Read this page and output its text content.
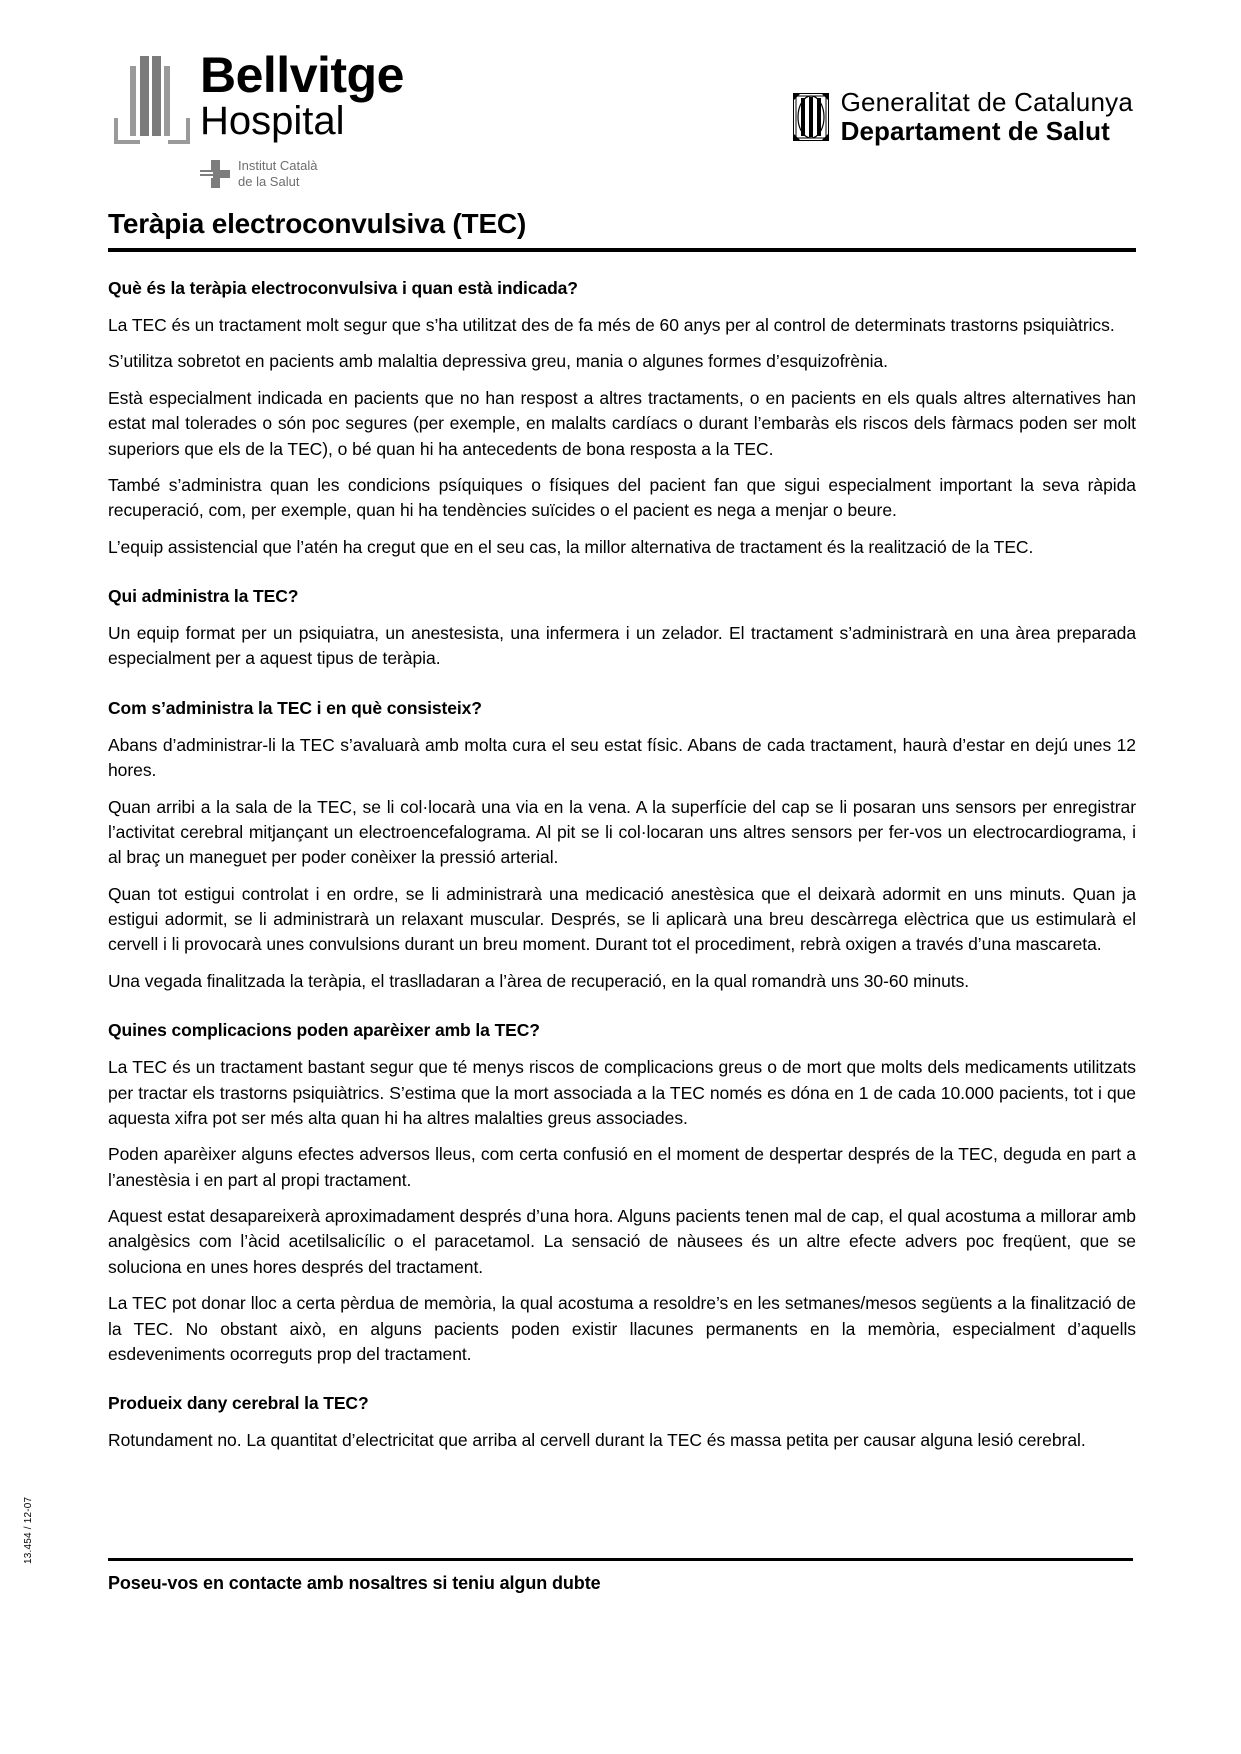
Bellvitge
Hospital
Institut Català
de la Salut
Generalitat de Catalunya
Departament de Salut
Teràpia electroconvulsiva (TEC)
Què és la teràpia electroconvulsiva i quan està indicada?

La TEC és un tractament molt segur que s’ha utilitzat des de fa més de 60 anys per al control de determinats trastorns psiquiàtrics.

S’utilitza sobretot en pacients amb malaltia depressiva greu, mania o algunes formes d’esquizofrènia.

Està especialment indicada en pacients que no han respost a altres tractaments, o en pacients en els quals altres alternatives han estat mal tolerades o són poc segures (per exemple, en malalts cardíacs o durant l’embaràs els riscos dels fàrmacs poden ser molt superiors que els de la TEC), o bé quan hi ha antecedents de bona resposta a la TEC.

També s’administra quan les condicions psíquiques o físiques del pacient fan que sigui especialment important la seva ràpida recuperació, com, per exemple, quan hi ha tendències suïcides o el pacient es nega a menjar o beure.

L’equip assistencial que l’atén ha cregut que en el seu cas, la millor alternativa de tractament és la realització de la TEC.

Qui administra la TEC?

Un equip format per un psiquiatra, un anestesista, una infermera i un zelador. El tractament s’administrarà en una àrea preparada especialment per a aquest tipus de teràpia.

Com s’administra la TEC i en què consisteix?

Abans d’administrar-li la TEC s’avaluarà amb molta cura el seu estat físic. Abans de cada tractament, haurà d’estar en dejú unes 12 hores.

Quan arribi a la sala de la TEC, se li col·locarà una via en la vena. A la superfície del cap se li posaran uns sensors per enregistrar l’activitat cerebral mitjançant un electroencefalograma. Al pit se li col·locaran uns altres sensors per fer-vos un electrocardiograma, i al braç un maneguet per poder conèixer la pressió arterial.

Quan tot estigui controlat i en ordre, se li administrarà una medicació anestèsica que el deixarà adormit en uns minuts. Quan ja estigui adormit, se li administrarà un relaxant muscular. Després, se li aplicarà una breu descàrrega elèctrica que us estimularà el cervell i li provocarà unes convulsions durant un breu moment. Durant tot el procediment, rebrà oxigen a través d’una mascareta.

Una vegada finalitzada la teràpia, el traslladaran a l’àrea de recuperació, en la qual romandrà uns 30-60 minuts.

Quines complicacions poden aparèixer amb la TEC?

La TEC és un tractament bastant segur que té menys riscos de complicacions greus o de mort que molts dels medicaments utilitzats per tractar els trastorns psiquiàtrics. S’estima que la mort associada a la TEC només es dóna en 1 de cada 10.000 pacients, tot i que aquesta xifra pot ser més alta quan hi ha altres malalties greus associades.

Poden aparèixer alguns efectes adversos lleus, com certa confusió en el moment de despertar després de la TEC, deguda en part a l’anestèsia i en part al propi tractament.

Aquest estat desapareixerà aproximadament després d’una hora. Alguns pacients tenen mal de cap, el qual acostuma a millorar amb analgèsics com l’àcid acetilsalicílic o el paracetamol. La sensació de nàusees és un altre efecte advers poc freqüent, que se soluciona en unes hores després del tractament.

La TEC pot donar lloc a certa pèrdua de memòria, la qual acostuma a resoldre’s en les setmanes/mesos següents a la finalització de la TEC. No obstant això, en alguns pacients poden existir llacunes permanents en la memòria, especialment d’aquells esdeveniments ocorreguts prop del tractament.

Produeix dany cerebral la TEC?

Rotundament no. La quantitat d’electricitat que arriba al cervell durant la TEC és massa petita per causar alguna lesió cerebral.

13.454 / 12-07
Poseu-vos en contacte amb nosaltres si teniu algun dubte
